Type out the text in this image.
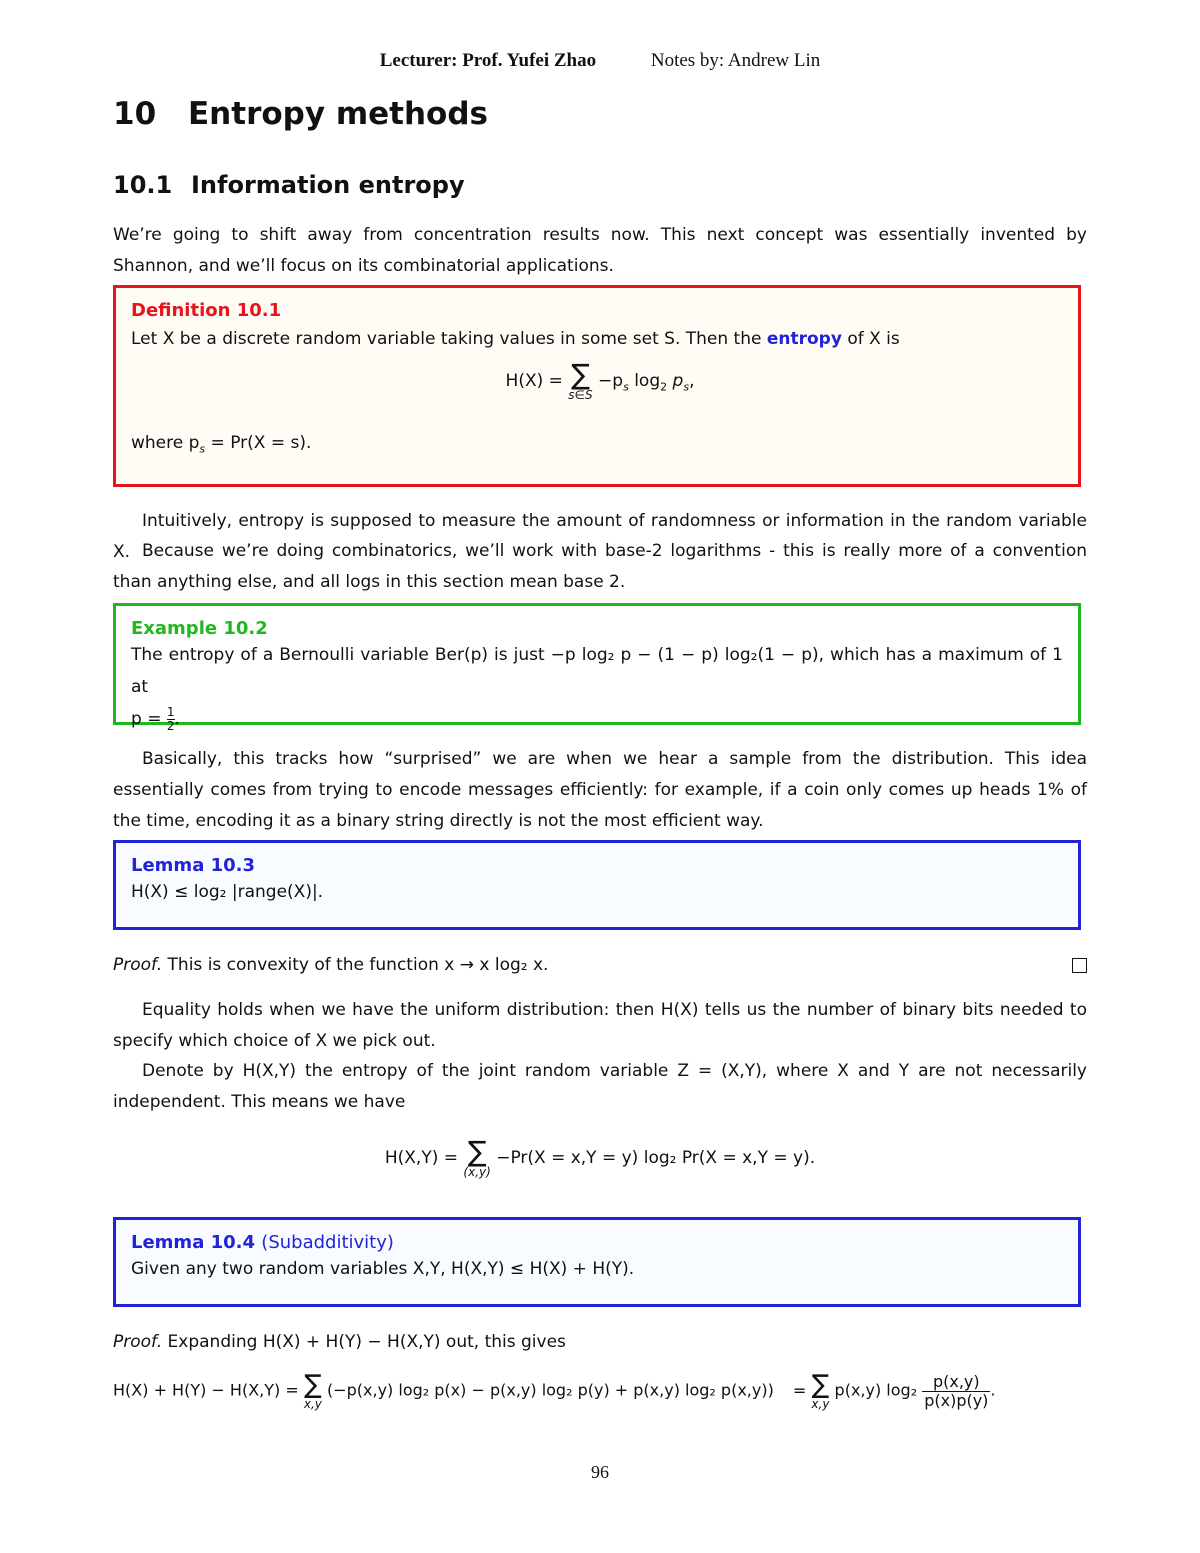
Lecturer: Prof. Yufei Zhao	Notes by: Andrew Lin
10 Entropy methods
10.1 Information entropy
We’re going to shift away from concentration results now. This next concept was essentially invented by Shannon, and we’ll focus on its combinatorial applications.
Definition 10.1
Let X be a discrete random variable taking values in some set S. Then the entropy of X is
H(X) = ∑
s∈S
$-p_s$ $\log_2 p_s$,
where $p_s = Pr(X = s)$.
Intuitively, entropy is supposed to measure the amount of randomness or information in the random variable X. Because we’re doing combinatorics, we’ll work with base-2 logarithms - this is really more of a convention than anything else, and all logs in this section mean base 2.
Example 10.2
The entropy of a Bernoulli variable Ber(p) is just −p log₂ p − (1 − p) log₂(1 − p), which has a maximum of 1 at
$p = \frac{1}{2}$.
Basically, this tracks how “surprised” we are when we hear a sample from the distribution. This idea essentially comes from trying to encode messages efficiently: for example, if a coin only comes up heads 1% of the time, encoding it as a binary string directly is not the most efficient way.
Lemma 10.3
H(X) ≤ log₂ |range(X)|.
Proof. This is convexity of the function x → x log₂ x.
Equality holds when we have the uniform distribution: then H(X) tells us the number of binary bits needed to specify which choice of X we pick out.
Denote by H(X,Y) the entropy of the joint random variable Z = (X,Y), where X and Y are not necessarily independent. This means we have
H(X,Y) = ∑
(x,y)
−Pr(X = x,Y = y) log₂ Pr(X = x,Y = y).
Lemma 10.4 (Subadditivity)
Given any two random variables X,Y, H(X,Y) ≤ H(X) + H(Y).
Proof. Expanding H(X) + H(Y) − H(X,Y) out, this gives
H(X) + H(Y) − H(X,Y) = ∑
x,y
(−p(x,y) log₂ p(x) − p(x,y) log₂ p(y) + p(x,y) log₂ p(x,y)) = ∑
x,y
p(x,y) $\log_2 \frac{p(x,y)}{p(x)p(y)}$ .
96
